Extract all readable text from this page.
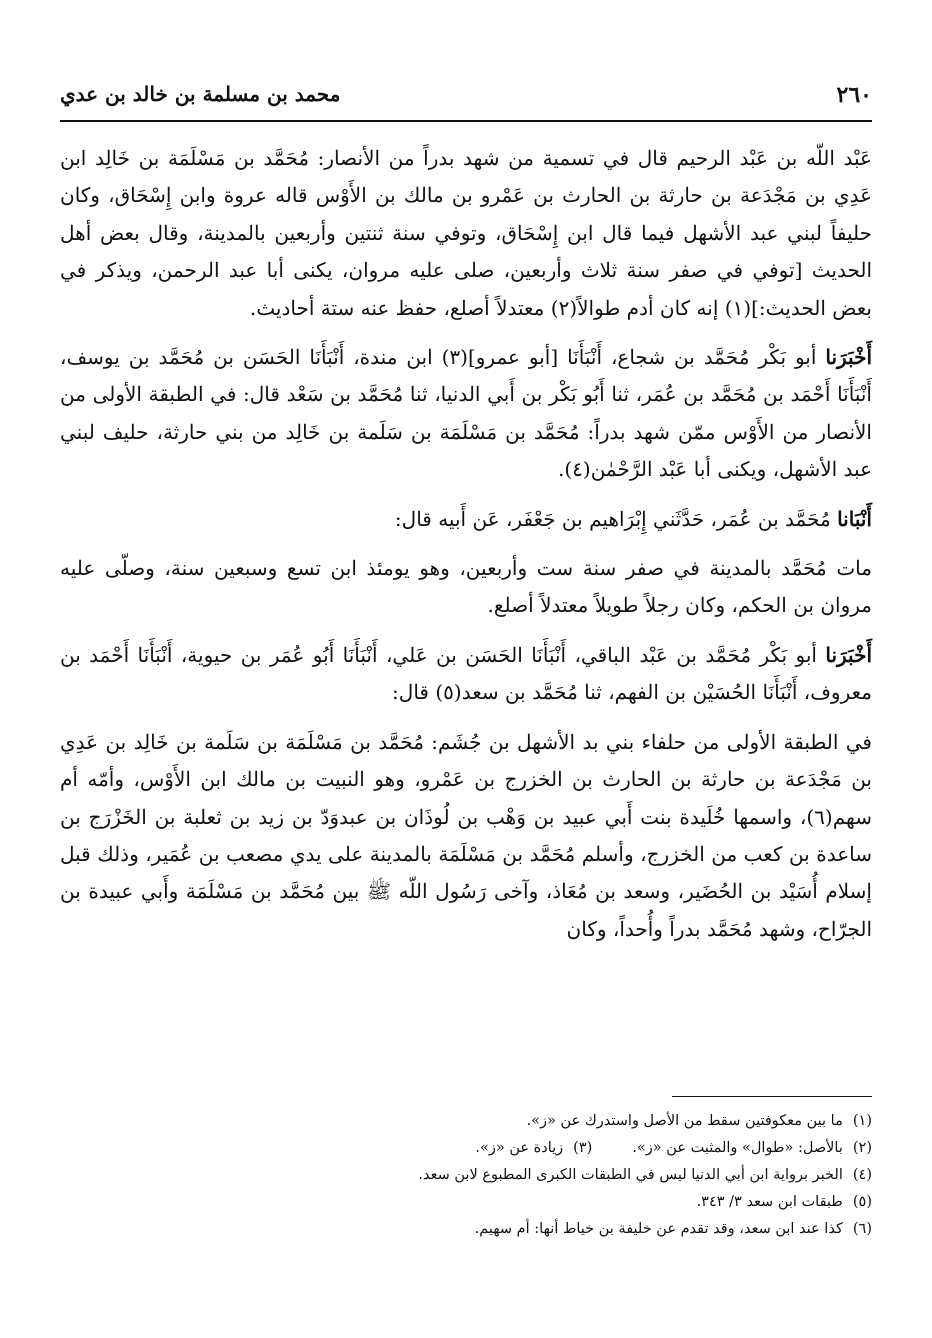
٢٦٠
محمد بن مسلمة بن خالد بن عدي

عَبْد اللّه بن عَبْد الرحيم قال في تسمية من شهد بدراً من الأنصار: مُحَمَّد بن مَسْلَمَة بن خَالِد ابن عَدِي بن مَجْدَعة بن حارثة بن الحارث بن عَمْرو بن مالك بن الأَوْس قاله عروة وابن إِسْحَاق، وكان حليفاً لبني عبد الأشهل فيما قال ابن إِسْحَاق، وتوفي سنة ثنتين وأربعين بالمدينة، وقال بعض أهل الحديث [توفي في صفر سنة ثلاث وأربعين، صلى عليه مروان، يكنى أبا عبد الرحمن، ويذكر في بعض الحديث:](١) إنه كان أدم طوالاً(٢) معتدلاً أصلع، حفظ عنه ستة أحاديث.

أَخْبَرَنا أبو بَكْر مُحَمَّد بن شجاع، أَنْبَأَنَا [أبو عمرو](٣) ابن مندة، أَنْبَأَنَا الحَسَن بن مُحَمَّد بن يوسف، أَنْبَأَنَا أَحْمَد بن مُحَمَّد بن عُمَر، ثنا أَبُو بَكْر بن أَبي الدنيا، ثنا مُحَمَّد بن سَعْد قال: في الطبقة الأولى من الأنصار من الأَوْس ممّن شهد بدراً: مُحَمَّد بن مَسْلَمَة بن سَلَمة بن خَالِد من بني حارثة، حليف لبني عبد الأشهل، ويكنى أبا عَبْد الرَّحْمٰن(٤).

أَنْبَانا مُحَمَّد بن عُمَر، حَدَّثَني إِبْرَاهيم بن جَعْفَر، عَن أَبيه قال:

مات مُحَمَّد بالمدينة في صفر سنة ست وأربعين، وهو يومئذ ابن تسع وسبعين سنة، وصلّى عليه مروان بن الحكم، وكان رجلاً طويلاً معتدلاً أصلع.

أَخْبَرَنا أبو بَكْر مُحَمَّد بن عَبْد الباقي، أَنْبَأَنَا الحَسَن بن عَلي، أَنْبَأَنَا أَبُو عُمَر بن حيوية، أَنْبَأَنَا أَحْمَد بن معروف، أَنْبَأَنَا الحُسَيْن بن الفهم، ثنا مُحَمَّد بن سعد(٥) قال:

في الطبقة الأولى من حلفاء بني بد الأشهل بن جُشَم: مُحَمَّد بن مَسْلَمَة بن سَلَمة بن خَالِد بن عَدِي بن مَجْدَعة بن حارثة بن الحارث بن الخزرج بن عَمْرو، وهو النبيت بن مالك ابن الأَوْس، وأمّه أم سهم(٦)، واسمها خُلَيدة بنت أَبي عبيد بن وَهْب بن لُوذَان بن عبدوَدّ بن زيد بن ثعلبة بن الخَزْرَج بن ساعدة بن كعب من الخزرج، وأسلم مُحَمَّد بن مَسْلَمَة بالمدينة على يدي مصعب بن عُمَير، وذلك قبل إسلام أُسَيْد بن الحُضَير، وسعد بن مُعَاذ، وآخى رَسُول اللّه ﷺ بين مُحَمَّد بن مَسْلَمَة وأَبي عبيدة بن الجرّاح، وشهد مُحَمَّد بدراً وأُحداً، وكان

(١)ما بين معكوفتين سقط من الأصل واستدرك عن «ز».

(٢)بالأصل: «طوال» والمثبت عن «ز».(٣)زيادة عن «ز».

(٤)الخبر برواية ابن أبي الدنيا ليس في الطبقات الكبرى المطبوع لابن سعد.

(٥)طبقات ابن سعد ٣/ ٣٤٣.

(٦)كذا عند ابن سعد، وقد تقدم عن خليفة بن خياط أنها: أم سهيم.
